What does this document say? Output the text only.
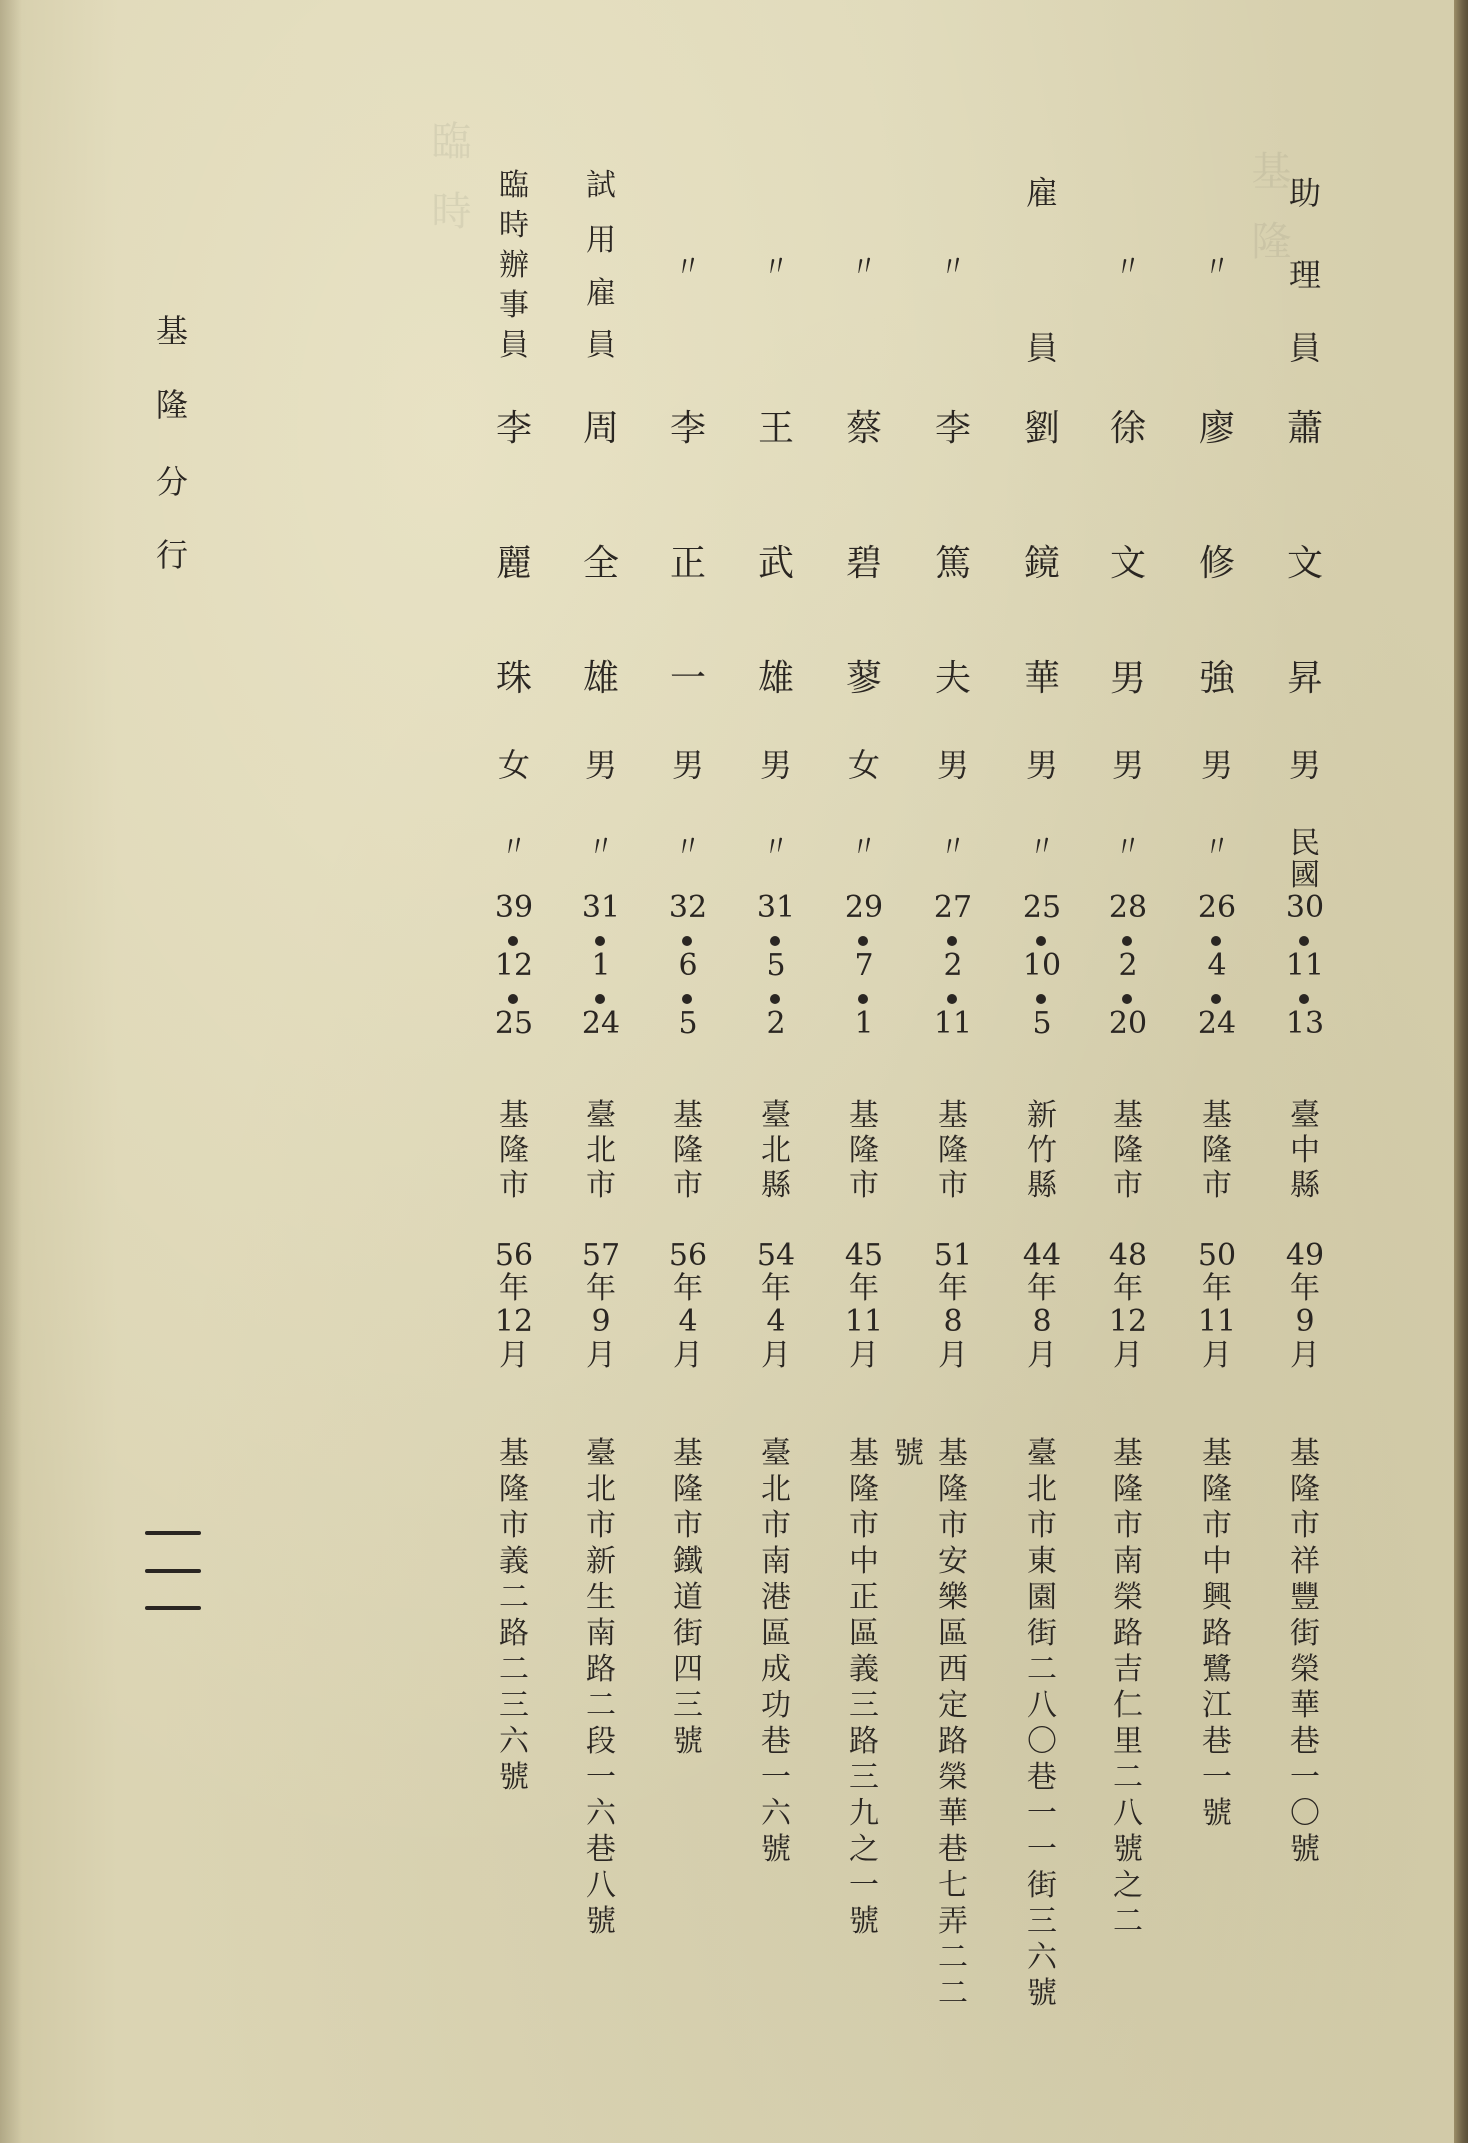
基隆
臨時
基
隆
分
行
助
理
員
蕭
文
昇
男
民
國
30
11
13
臺
中
縣
49
年
9
月
基
隆
市
祥
豐
街
榮
華
巷
一
〇
號
〃
廖
修
強
男
〃
26
4
24
基
隆
市
50
年
11
月
基
隆
市
中
興
路
鷺
江
巷
一
號
〃
徐
文
男
男
〃
28
2
20
基
隆
市
48
年
12
月
基
隆
市
南
榮
路
吉
仁
里
二
八
號
之
二
雇
員
劉
鏡
華
男
〃
25
10
5
新
竹
縣
44
年
8
月
臺
北
市
東
園
街
二
八
〇
巷
一
一
街
三
六
號
〃
李
篤
夫
男
〃
27
2
11
基
隆
市
51
年
8
月
基
隆
市
安
樂
區
西
定
路
榮
華
巷
七
弄
二
二
號
〃
蔡
碧
蓼
女
〃
29
7
1
基
隆
市
45
年
11
月
基
隆
市
中
正
區
義
三
路
三
九
之
一
號
〃
王
武
雄
男
〃
31
5
2
臺
北
縣
54
年
4
月
臺
北
市
南
港
區
成
功
巷
一
六
號
〃
李
正
一
男
〃
32
6
5
基
隆
市
56
年
4
月
基
隆
市
鐵
道
街
四
三
號
試
用
雇
員
周
全
雄
男
〃
31
1
24
臺
北
市
57
年
9
月
臺
北
市
新
生
南
路
二
段
一
六
巷
八
號
臨
時
辦
事
員
李
麗
珠
女
〃
39
12
25
基
隆
市
56
年
12
月
基
隆
市
義
二
路
二
三
六
號
